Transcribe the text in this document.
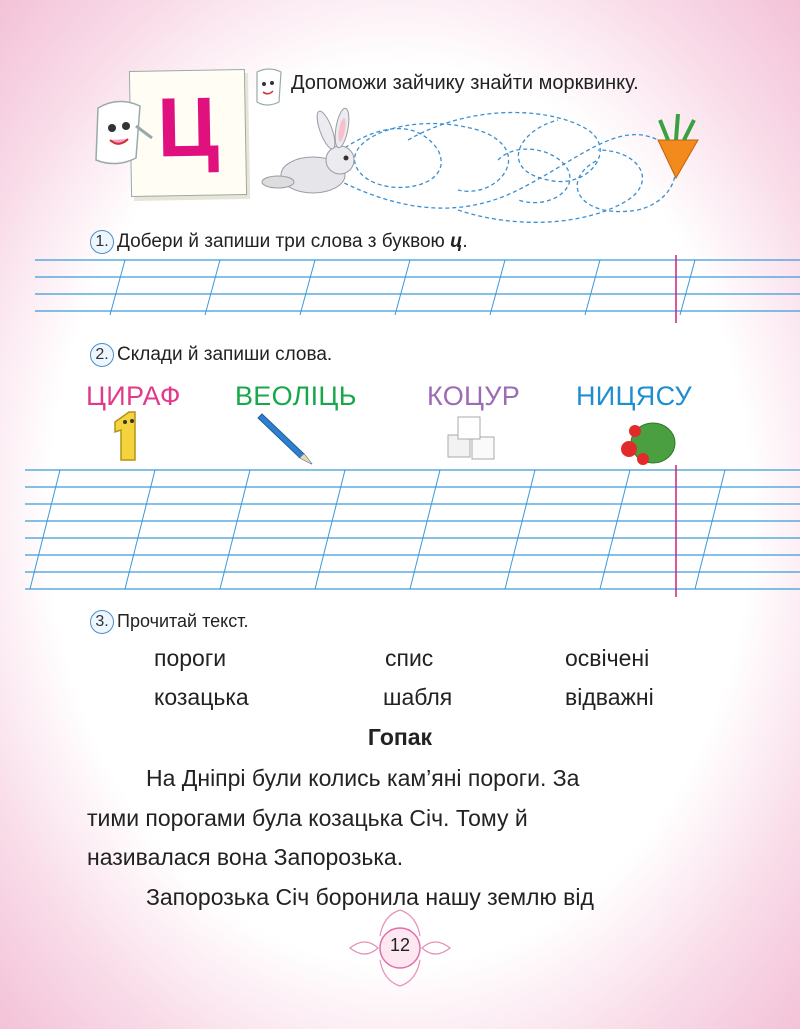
Ц	Допоможи зайчику знайти морквинку.
1. Добери й запиши три слова з буквою ц.
2. Склади й запиши слова.
ЦИРАФ ВЕОЛІЦЬ	КОЦУР НИЦЯСУ
3. Прочитай текст.
пороги	спис	освічені
козацька	шабля	відважні
Гопак
На Дніпрі були колись кам’яні пороги. За
тими порогами була козацька Січ. Тому й
називалася вона Запорозька.
Запорозька Січ боронила нашу землю від
12
